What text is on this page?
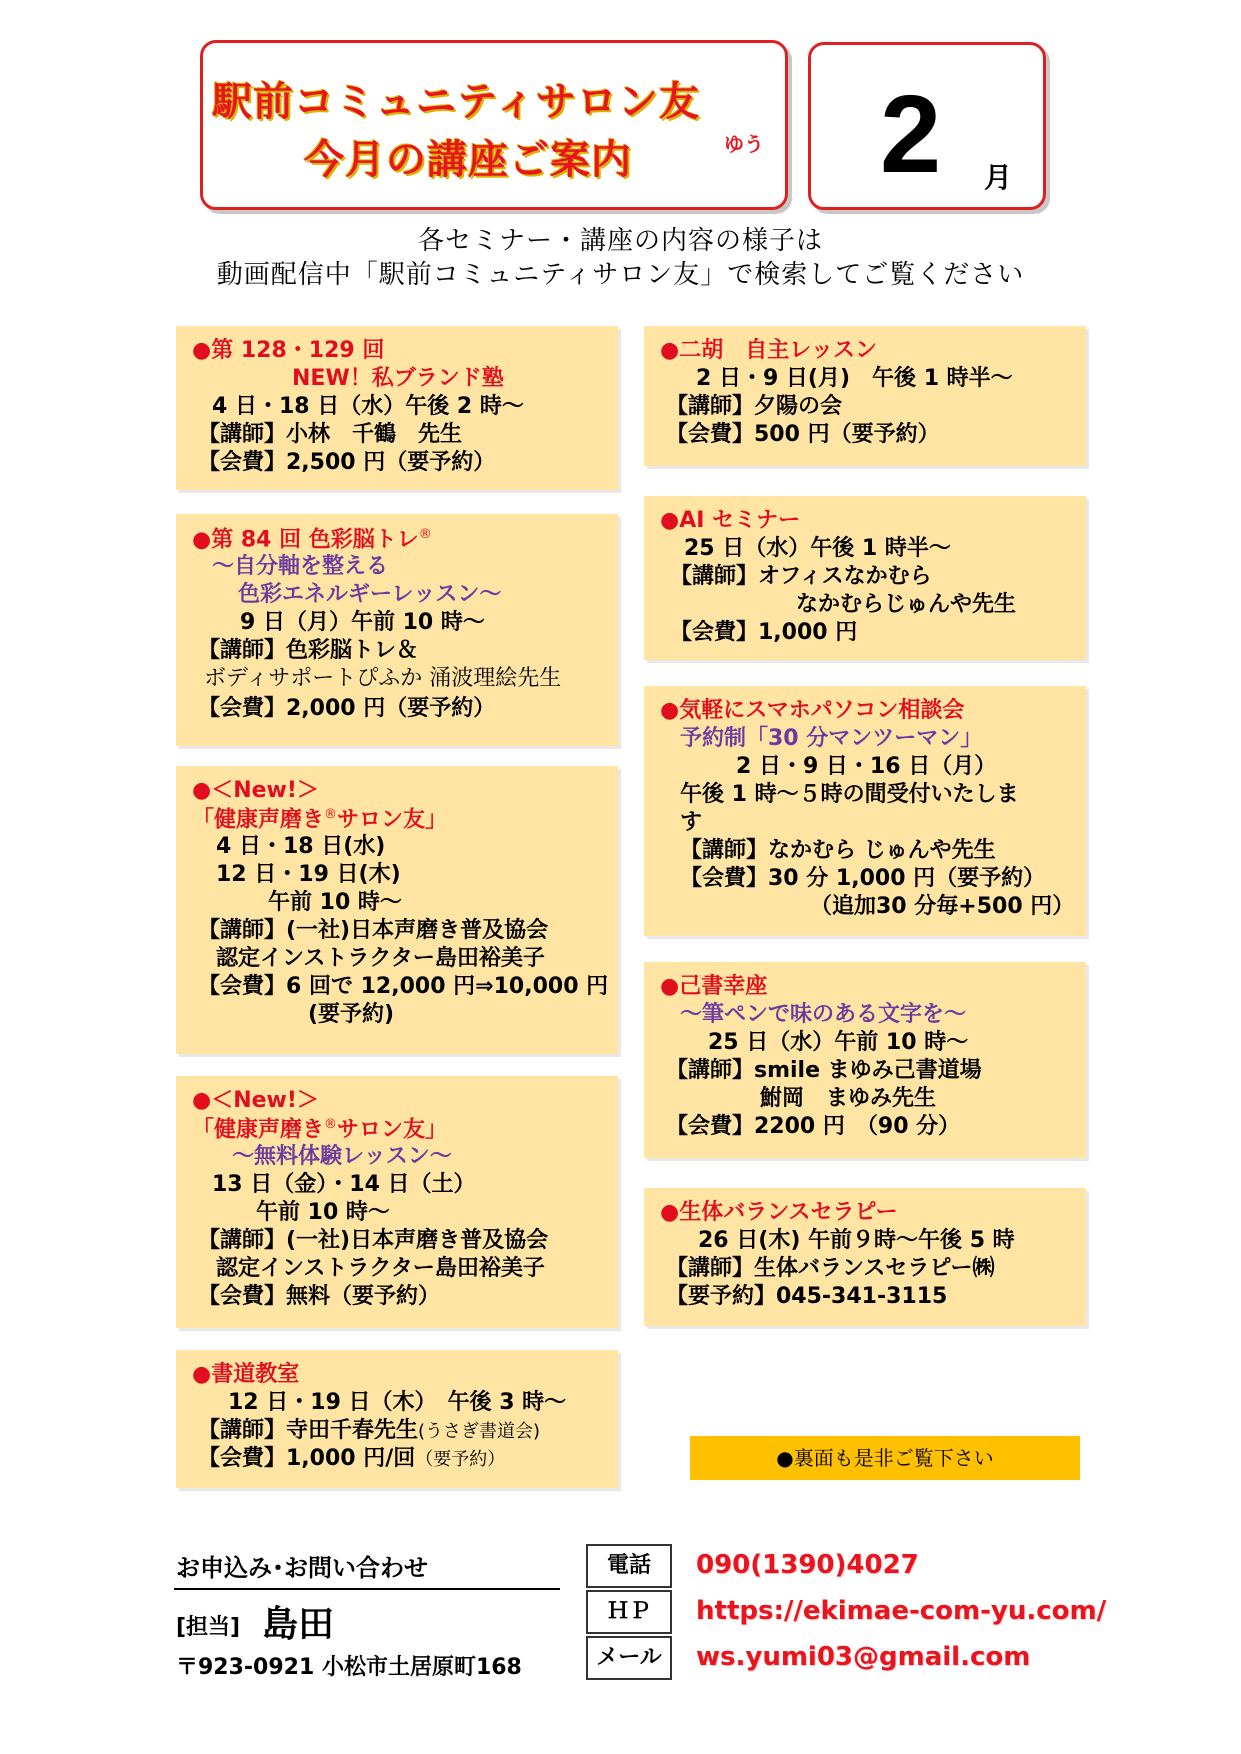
駅前コミュニティサロン友
今月の講座ご案内	ゆう 2 月
各セミナー・講座の内容の様子は
動画配信中「駅前コミュニティサロン友」で検索してご覧ください
●第 128・129 回
NEW！私ブランド塾
4 日・18 日（水）午後 2 時～
【講師】小林　千鶴　先生
【会費】2,500 円（要予約）
●第 84 回 色彩脳トレ®
～自分軸を整える
色彩エネルギーレッスン～
9 日（月）午前 10 時～
【講師】色彩脳トレ＆
ボディサポートぴふか 涌波理絵先生
【会費】2,000 円（要予約）
●＜New!＞
「健康声磨き®サロン友」
4 日・18 日(水)
12 日・19 日(木)
午前 10 時～
【講師】(一社)日本声磨き普及協会
認定インストラクター島田裕美子
【会費】6 回で 12,000 円⇒10,000 円
(要予約)
●＜New!＞
「健康声磨き®サロン友」
～無料体験レッスン～
13 日（金）・14 日（土）
午前 10 時～
【講師】(一社)日本声磨き普及協会
認定インストラクター島田裕美子
【会費】無料（要予約）
●書道教室
12 日・19 日（木）　午後 3 時～
【講師】寺田千春先生(うさぎ書道会)
【会費】1,000 円/回（要予約）
●二胡　自主レッスン
2 日・9 日(月)　午後 1 時半～
【講師】夕陽の会
【会費】500 円（要予約）
●AI セミナー
25 日（水）午後 1 時半～
【講師】オフィスなかむら
なかむらじゅんや先生
【会費】1,000 円
●気軽にスマホパソコン相談会
予約制「30 分マンツーマン」
2 日・9 日・16 日（月）
午後 1 時～５時の間受付いたしま
す
【講師】なかむら じゅんや先生
【会費】30 分 1,000 円（要予約）
（追加30 分毎+500 円）
●己書幸座
～筆ペンで味のある文字を～
25 日（水）午前 10 時～
【講師】smile まゆみ己書道場
鮒岡　まゆみ先生
【会費】2200 円　（90 分）
●生体バランスセラピー
26 日(木) 午前９時～午後 5 時
【講師】生体バランスセラピー㈱
【要予約】045-341-3115
●裏面も是非ご覧下さい
お申込み･お問い合わせ
[担当] 島田
〒923-0921 小松市土居原町168
電話
ＨＰ
メール
090(1390)4027
https://ekimae-com-yu.com/
ws.yumi03@gmail.com
